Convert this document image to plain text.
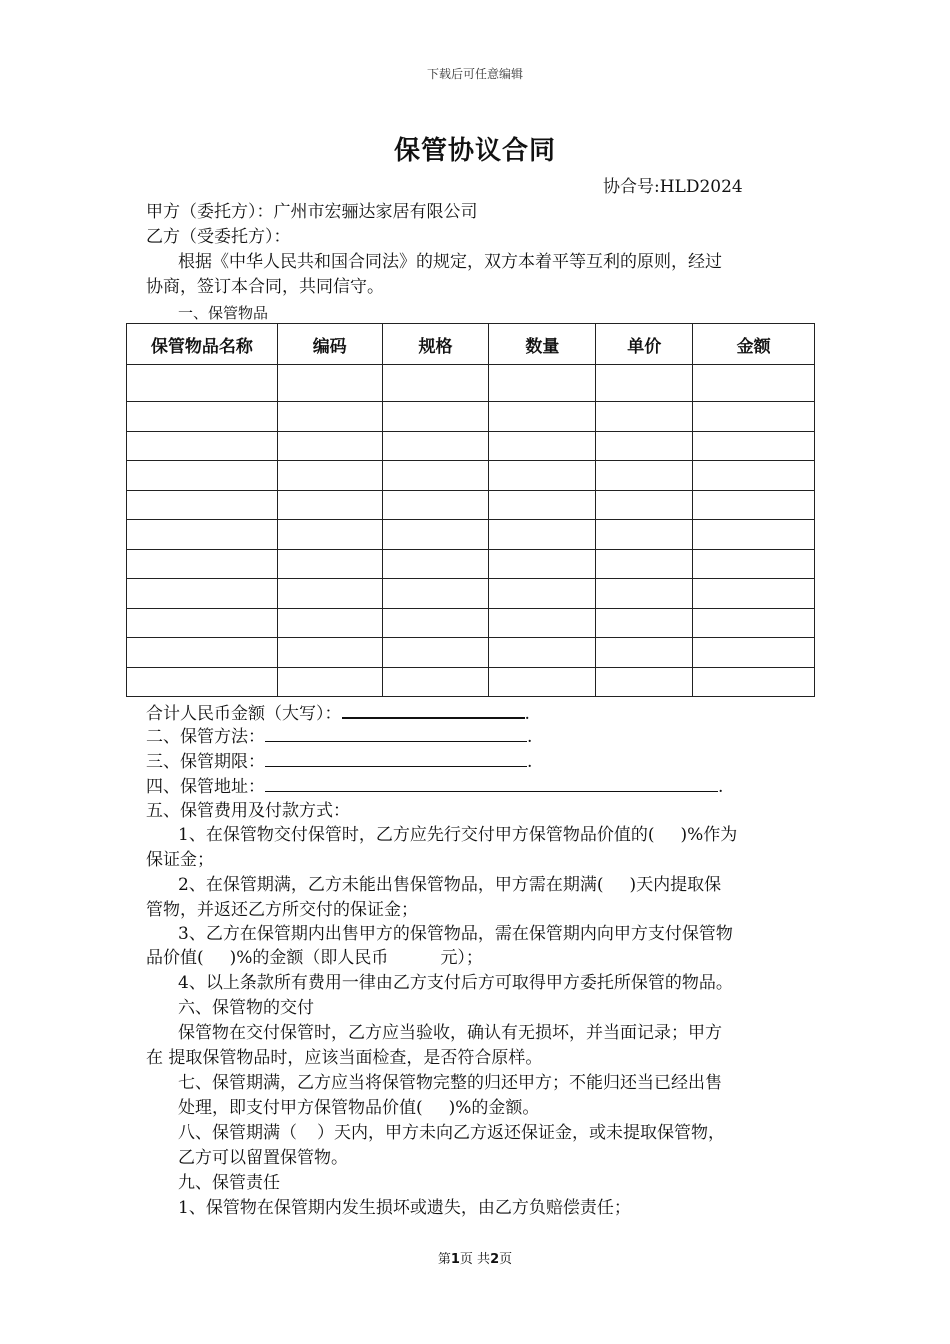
下载后可任意编辑
保管协议合同
协合号:HLD2024
甲方（委托方）：广州市宏骊达家居有限公司
乙方（受委托方）：
根据《中华人民共和国合同法》的规定，双方本着平等互利的原则，经过
协商，签订本合同，共同信守。
一、保管物品
保管物品名称	编码	规格	数量	单价	金额

合计人民币金额（大写）：	.
二、保管方法：	.
三、保管期限：	.
四、保管地址：	.
五、保管费用及付款方式：
1、在保管物交付保管时，乙方应先行交付甲方保管物品价值的( )%作为
保证金；
2、在保管期满，乙方未能出售保管物品，甲方需在期满( )天内提取保
管物，并返还乙方所交付的保证金；
3、乙方在保管期内出售甲方的保管物品，需在保管期内向甲方支付保管物
品价值( )%的金额（即人民币	元）；
4、以上条款所有费用一律由乙方支付后方可取得甲方委托所保管的物品。
六、保管物的交付
保管物在交付保管时，乙方应当验收，确认有无损坏，并当面记录；甲方
在 提取保管物品时，应该当面检查，是否符合原样。
七、保管期满，乙方应当将保管物完整的归还甲方；不能归还当已经出售
处理，即支付甲方保管物品价值( )%的金额。
八、保管期满（ ）天内，甲方未向乙方返还保证金，或未提取保管物，
乙方可以留置保管物。
九、保管责任
1、保管物在保管期内发生损坏或遗失，由乙方负赔偿责任；
第1页 共2页
